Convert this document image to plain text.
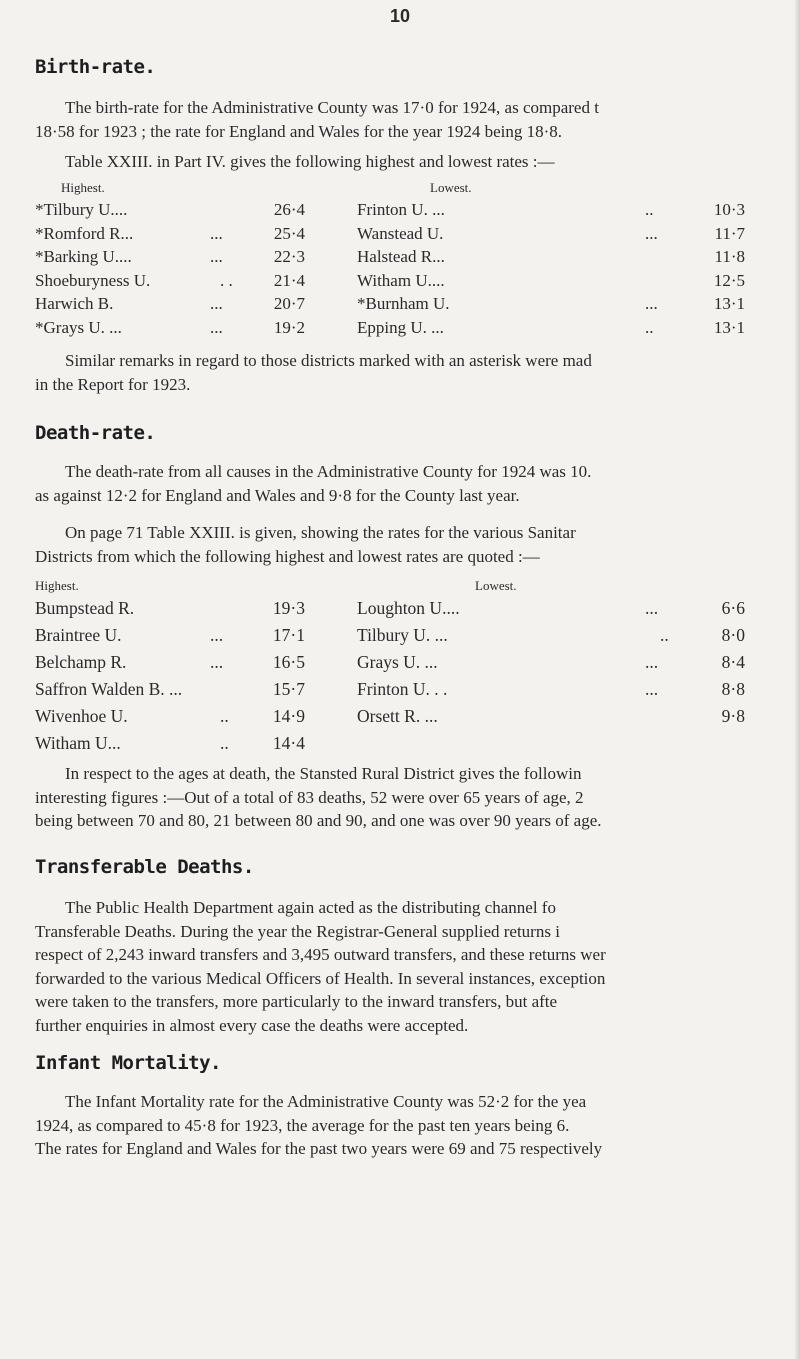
10
Birth-rate.
The birth-rate for the Administrative County was 17·0 for 1924, as compared t
18·58 for 1923 ; the rate for England and Wales for the year 1924 being 18·8.
Table XXIII. in Part IV. gives the following highest and lowest rates :—
Highest.	Lowest.
*Tilbury U....	26·4	Frinton U. ...	..	10·3
*Romford R...	...	25·4	Wanstead U.	...	11·7
*Barking U....	...	22·3	Halstead R...	11·8
Shoeburyness U.	. .	21·4	Witham U....	12·5
Harwich B.	...	20·7	*Burnham U.	...	13·1
*Grays U. ...	...	19·2	Epping U. ...	..	13·1
Similar remarks in regard to those districts marked with an asterisk were mad
in the Report for 1923.
Death-rate.
The death-rate from all causes in the Administrative County for 1924 was 10.
as against 12·2 for England and Wales and 9·8 for the County last year.
On page 71 Table XXIII. is given, showing the rates for the various Sanitar
Districts from which the following highest and lowest rates are quoted :—
Highest.	Lowest.
Bumpstead R.	19·3	Loughton U....	...	6·6
Braintree U.	...	17·1	Tilbury U. ...	..	8·0
Belchamp R.	...	16·5	Grays U. ...	...	8·4
Saffron Walden B. ...	15·7	Frinton U. . .	...	8·8
Wivenhoe U.	..	14·9	Orsett R. ...	9·8
Witham U...	..	14·4
In respect to the ages at death, the Stansted Rural District gives the followin
interesting figures :—Out of a total of 83 deaths, 52 were over 65 years of age, 2
being between 70 and 80, 21 between 80 and 90, and one was over 90 years of age.
Transferable Deaths.
The Public Health Department again acted as the distributing channel fo
Transferable Deaths. During the year the Registrar-General supplied returns i
respect of 2,243 inward transfers and 3,495 outward transfers, and these returns wer
forwarded to the various Medical Officers of Health. In several instances, exception
were taken to the transfers, more particularly to the inward transfers, but afte
further enquiries in almost every case the deaths were accepted.
Infant Mortality.
The Infant Mortality rate for the Administrative County was 52·2 for the yea
1924, as compared to 45·8 for 1923, the average for the past ten years being 6.
The rates for England and Wales for the past two years were 69 and 75 respectively
